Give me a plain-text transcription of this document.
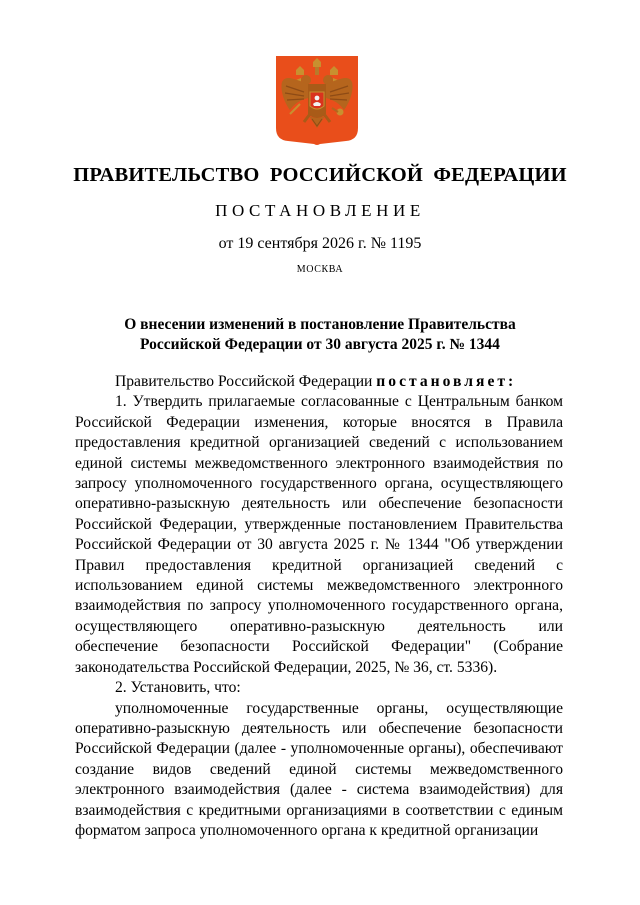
ПРАВИТЕЛЬСТВО РОССИЙСКОЙ ФЕДЕРАЦИИ
ПОСТАНОВЛЕНИЕ
от 19 сентября 2026 г. № 1195
МОСКВА
О внесении изменений в постановление Правительства
Российской Федерации от 30 августа 2025 г. № 1344

Правительство Российской Федерации постановляет:

1. Утвердить прилагаемые согласованные с Центральным банком Российской Федерации изменения, которые вносятся в Правила предоставления кредитной организацией сведений с использованием единой системы межведомственного электронного взаимодействия по запросу уполномоченного государственного органа, осуществляющего оперативно-разыскную деятельность или обеспечение безопасности Российской Федерации, утвержденные постановлением Правительства Российской Федерации от 30 августа 2025 г. № 1344 "Об утверждении Правил предоставления кредитной организацией сведений с использованием единой системы межведомственного электронного взаимодействия по запросу уполномоченного государственного органа, осуществляющего оперативно-разыскную деятельность или обеспечение безопасности Российской Федерации" (Собрание законодательства Российской Федерации, 2025, № 36, ст. 5336).

2. Установить, что:

уполномоченные государственные органы, осуществляющие оперативно-разыскную деятельность или обеспечение безопасности Российской Федерации (далее - уполномоченные органы), обеспечивают создание видов сведений единой системы межведомственного электронного взаимодействия (далее - система взаимодействия) для взаимодействия с кредитными организациями в соответствии с единым форматом запроса уполномоченного органа к кредитной организации
